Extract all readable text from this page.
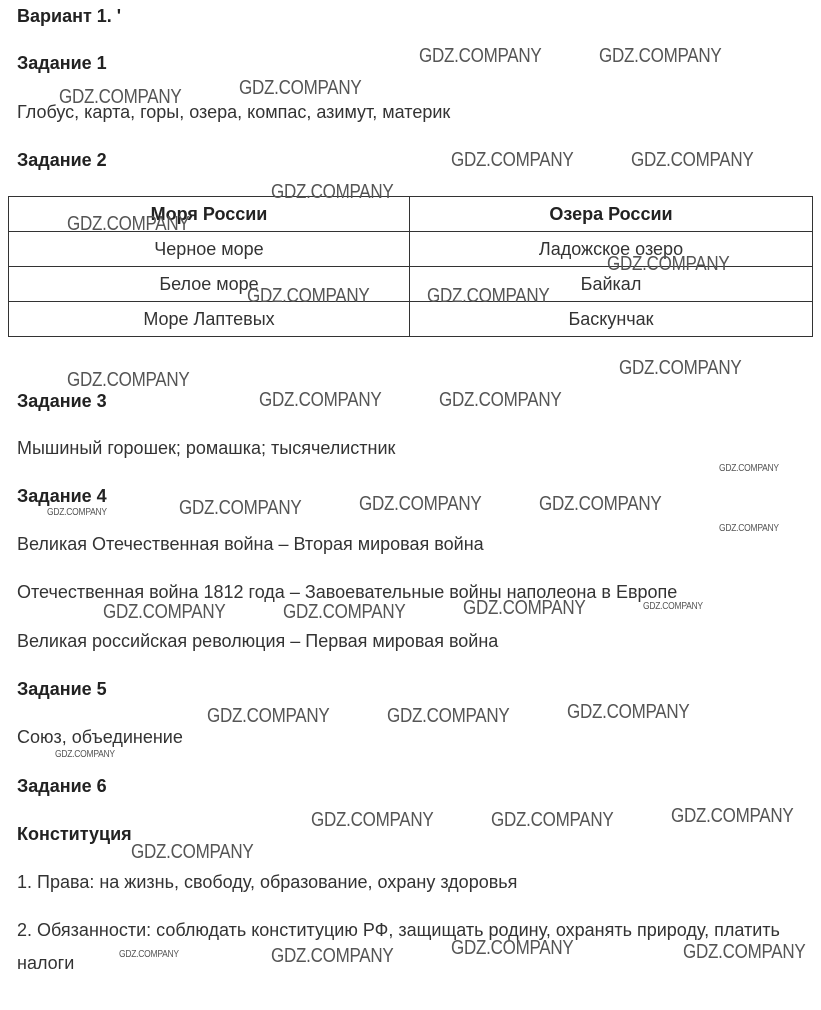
Вариант 1. '
Задание 1
Глобус, карта, горы, озера, компас, азимут, материк
Задание 2
Моря России	Озера России
Черное море	Ладожское озеро
Белое море	Байкал
Море Лаптевых	Баскунчак
Задание 3
Мышиный горошек; ромашка; тысячелистник
Задание 4
Великая Отечественная война – Вторая мировая война
Отечественная война 1812 года – Завоевательные войны наполеона в Европе
Великая российская революция – Первая мировая война
Задание 5
Союз, объединение
Задание 6
Конституция
1. Права: на жизнь, свободу, образование, охрану здоровья
2. Обязанности: соблюдать конституцию РФ, защищать родину, охранять природу, платить налоги
GDZ.COMPANY	GDZ.COMPANY
GDZ.COMPANY
GDZ.COMPANY
GDZ.COMPANY	GDZ.COMPANY
GDZ.COMPANY
GDZ.COMPANY
GDZ.COMPANY
GDZ.COMPANY	GDZ.COMPANY
GDZ.COMPANY
GDZ.COMPANY
GDZ.COMPANY	GDZ.COMPANY
GDZ.COMPANY
GDZ.COMPANY	GDZ.COMPANY
GDZ.COMPANY
GDZ.COMPANY
GDZ.COMPANY
GDZ.COMPANY	GDZ.COMPANY
GDZ.COMPANY	GDZ.COMPANY
GDZ.COMPANY
GDZ.COMPANY	GDZ.COMPANY
GDZ.COMPANY
GDZ.COMPANY
GDZ.COMPANY	GDZ.COMPANY
GDZ.COMPANY
GDZ.COMPANY	GDZ.COMPANY
GDZ.COMPANY
GDZ.COMPANY
